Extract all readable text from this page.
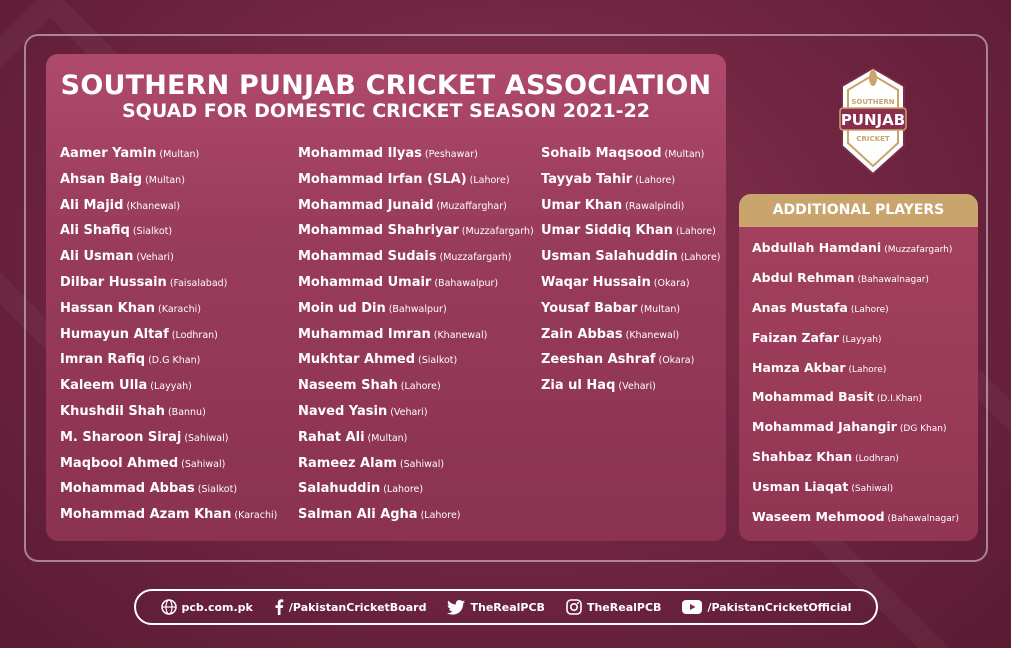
SOUTHERN PUNJAB CRICKET ASSOCIATION
SQUAD FOR DOMESTIC CRICKET SEASON 2021-22
Aamer Yamin (Multan)
Ahsan Baig (Multan)
Ali Majid (Khanewal)
Ali Shafiq (Sialkot)
Ali Usman (Vehari)
Dilbar Hussain (Faisalabad)
Hassan Khan (Karachi)
Humayun Altaf (Lodhran)
Imran Rafiq (D.G Khan)
Kaleem Ulla (Layyah)
Khushdil Shah (Bannu)
M. Sharoon Siraj (Sahiwal)
Maqbool Ahmed (Sahiwal)
Mohammad Abbas (Sialkot)
Mohammad Azam Khan (Karachi)
Mohammad Ilyas (Peshawar)
Mohammad Irfan (SLA) (Lahore)
Mohammad Junaid (Muzaffarghar)
Mohammad Shahriyar (Muzzafargarh)
Mohammad Sudais (Muzzafargarh)
Mohammad Umair (Bahawalpur)
Moin ud Din (Bahwalpur)
Muhammad Imran (Khanewal)
Mukhtar Ahmed (Sialkot)
Naseem Shah (Lahore)
Naved Yasin (Vehari)
Rahat Ali (Multan)
Rameez Alam (Sahiwal)
Salahuddin (Lahore)
Salman Ali Agha (Lahore)
Sohaib Maqsood (Multan)
Tayyab Tahir (Lahore)
Umar Khan (Rawalpindi)
Umar Siddiq Khan (Lahore)
Usman Salahuddin (Lahore)
Waqar Hussain (Okara)
Yousaf Babar (Multan)
Zain Abbas (Khanewal)
Zeeshan Ashraf (Okara)
Zia ul Haq (Vehari)
SOUTHERN
PUNJAB
CRICKET
ADDITIONAL PLAYERS
Abdullah Hamdani (Muzzafargarh)
Abdul Rehman (Bahawalnagar)
Anas Mustafa (Lahore)
Faizan Zafar (Layyah)
Hamza Akbar (Lahore)
Mohammad Basit (D.I.Khan)
Mohammad Jahangir (DG Khan)
Shahbaz Khan (Lodhran)
Usman Liaqat (Sahiwal)
Waseem Mehmood (Bahawalnagar)
pcb.com.pk	/PakistanCricketBoard	TheRealPCB	TheRealPCB	/PakistanCricketOfficial
